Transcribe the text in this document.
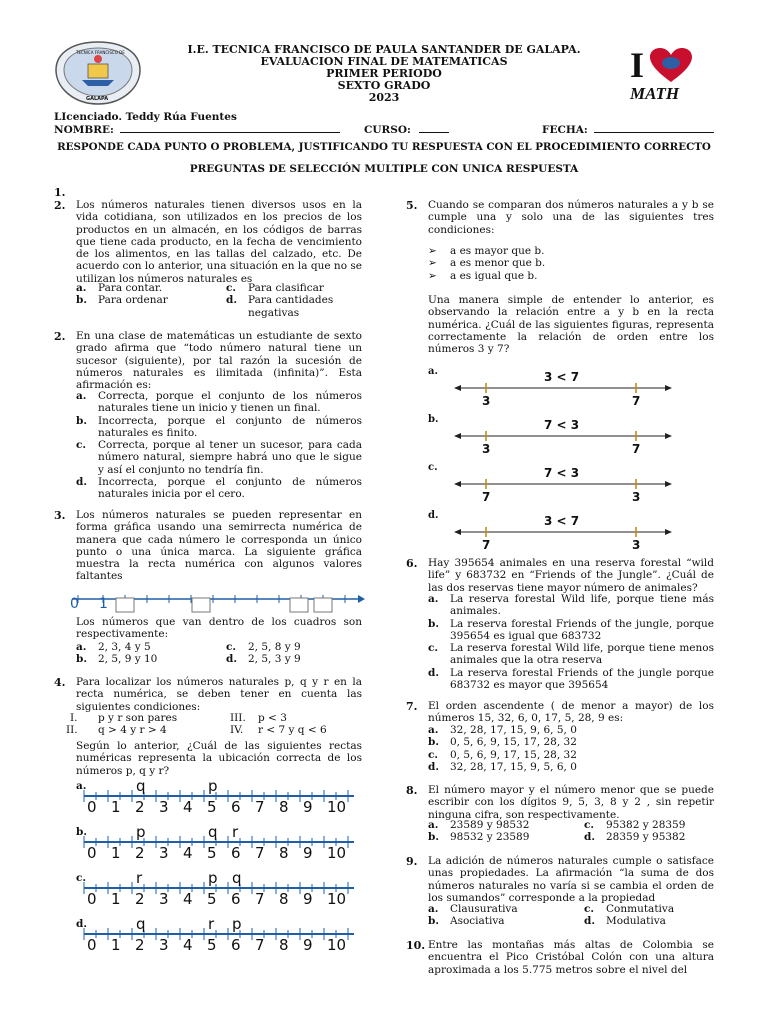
TECNICA FRANCISCO DE
GALAPA
I.E. TECNICA FRANCISCO DE PAULA SANTANDER DE GALAPA.
EVALUACION FINAL DE MATEMATICAS
PRIMER PERIODO
SEXTO GRADO
2023
I
MATH
LIcenciado. Teddy Rúa Fuentes
NOMBRE:	CURSO:	FECHA:
RESPONDE CADA PUNTO O PROBLEMA, JUSTIFICANDO TU RESPUESTA CON EL PROCEDIMIENTO CORRECTO
PREGUNTAS DE SELECCIÓN MULTIPLE CON UNICA RESPUESTA
1.
2. Los números naturales tienen diversos usos en la vida cotidiana, son utilizados en los precios de los productos en un almacén, en los códigos de barras que tiene cada producto, en la fecha de vencimiento de los alimentos, en las tallas del calzado, etc. De acuerdo con lo anterior, una situación en la que no se utilizan los números naturales es
a.	Para contar.	c.	Para clasificar
b.	Para ordenar	d.	Para cantidades negativas
2. En una clase de matemáticas un estudiante de sexto grado afirma que “todo número natural tiene un sucesor (siguiente), por tal razón la sucesión de números naturales es ilimitada (infinita)”. Esta afirmación es:
a.	Correcta, porque el conjunto de los números naturales tiene un inicio y tienen un final.
b.	Incorrecta, porque el conjunto de números naturales es finito.
c.	Correcta, porque al tener un sucesor, para cada número natural, siempre habrá uno que le sigue y así el conjunto no tendría fin.
d.	Incorrecta, porque el conjunto de números naturales inicia por el cero.
3. Los números naturales se pueden representar en forma gráfica usando una semirrecta numérica de manera que cada número le corresponda un único punto o una única marca. La siguiente gráfica muestra la recta numérica con algunos valores faltantes
0 1
Los números que van dentro de los cuadros son respectivamente:
a.	2, 3, 4 y 5	c.	2, 5, 8 y 9
b.	2, 5, 9 y 10	d.	2, 5, 3 y 9
4. Para localizar los números naturales p, q y r en la recta numérica, se deben tener en cuenta las siguientes condiciones:
I. p y r son pares	III. p < 3
II. q > 4 y r > 4	IV. r < 7 y q < 6
Según lo anterior, ¿Cuál de las siguientes rectas numéricas representa la ubicación correcta de los números p, q y r?
a.
0 1 2 3 4 5 6 7 8 9 10
q	p
b.
0 1 2 3 4 5 6 7 8 9 10
p	q r
c.
0 1 2 3 4 5 6 7 8 9 10
r	p q
d.
0 1 2 3 4 5 6 7 8 9 10
q	r p
5. Cuando se comparan dos números naturales a y b se cumple una y solo una de las siguientes tres condiciones:
➢ a es mayor que b.
➢ a es menor que b.
➢ a es igual que b.
Una manera simple de entender lo anterior, es observando la relación entre a y b en la recta numérica. ¿Cuál de las siguientes figuras, representa correctamente la relación de orden entre los números 3 y 7?
a.	3 < 7
3	7
b.	7 < 3
3	7
c.	7 < 3
7	3
d.	3 < 7
7	3
6. Hay 395654 animales en una reserva forestal “wild life” y 683732 en “Friends of the Jungle”. ¿Cuál de las dos reservas tiene mayor número de animales?
a.	La reserva forestal Wild life, porque tiene más animales.
b.	La reserva forestal Friends of the jungle, porque 395654 es igual que 683732
c.	La reserva forestal Wild life, porque tiene menos animales que la otra reserva
d.	La reserva forestal Friends of the jungle porque 683732 es mayor que 395654
7. El orden ascendente ( de menor a mayor) de los números 15, 32, 6, 0, 17, 5, 28, 9 es:
a.	32, 28, 17, 15, 9, 6, 5, 0
b.	0, 5, 6, 9, 15, 17, 28, 32
c.	0, 5, 6, 9, 17, 15, 28, 32
d.	32, 28, 17, 15, 9, 5, 6, 0
8. El número mayor y el número menor que se puede escribir con los dígitos 9, 5, 3, 8 y 2 , sin repetir ninguna cifra, son respectivamente.
a.	23589 y 98532	c.	95382 y 28359
b.	98532 y 23589	d.	28359 y 95382
9. La adición de números naturales cumple o satisface unas propiedades. La afirmación “la suma de dos números naturales no varía si se cambia el orden de los sumandos” corresponde a la propiedad
a.	Clausurativa	c.	Conmutativa
b.	Asociativa	d.	Modulativa
10. Entre las montañas más altas de Colombia se encuentra el Pico Cristóbal Colón con una altura aproximada a los 5.775 metros sobre el nivel del
